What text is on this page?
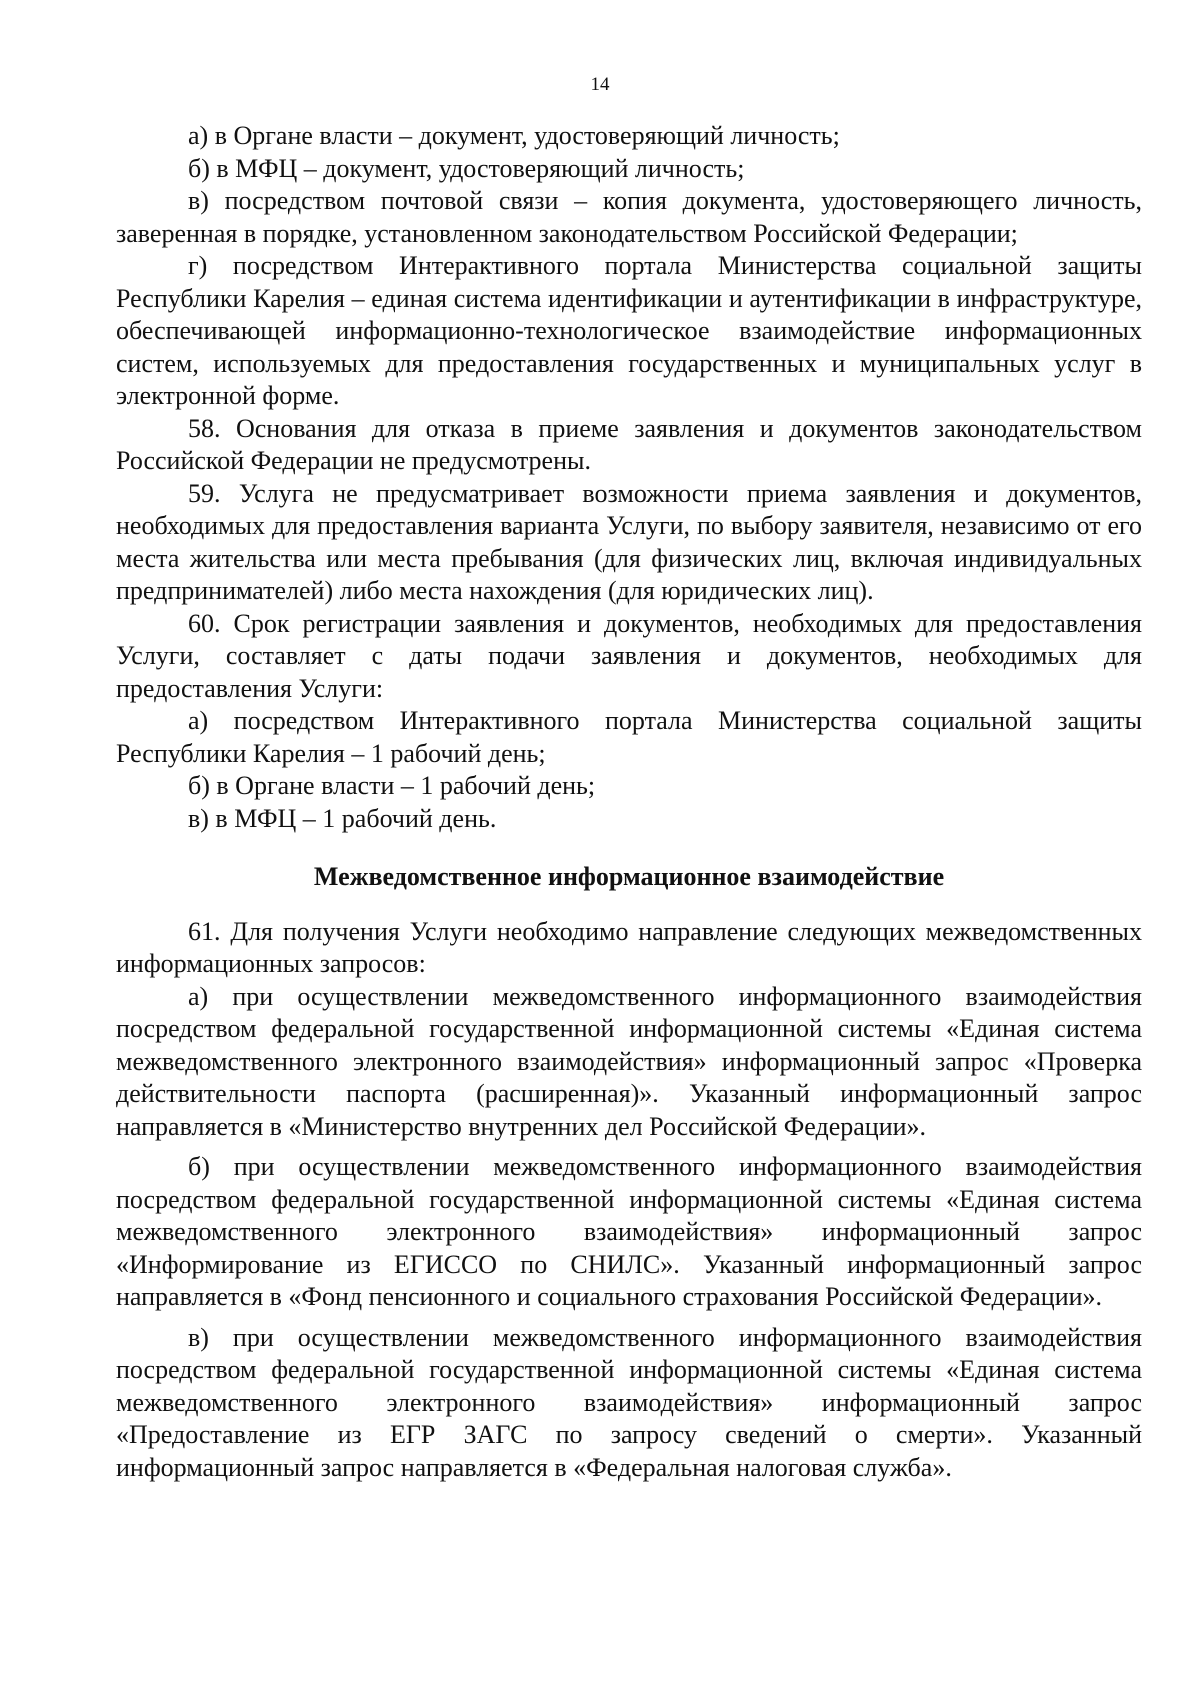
14

а) в Органе власти – документ, удостоверяющий личность;

б) в МФЦ – документ, удостоверяющий личность;

в) посредством почтовой связи – копия документа, удостоверяющего личность, заверенная в порядке, установленном законодательством Российской Федерации;

г) посредством Интерактивного портала Министерства социальной защиты Республики Карелия – единая система идентификации и аутентификации в инфраструктуре, обеспечивающей информационно-технологическое взаимодействие информационных систем, используемых для предоставления государственных и муниципальных услуг в электронной форме.

58. Основания для отказа в приеме заявления и документов законодательством Российской Федерации не предусмотрены.

59. Услуга не предусматривает возможности приема заявления и документов, необходимых для предоставления варианта Услуги, по выбору заявителя, независимо от его места жительства или места пребывания (для физических лиц, включая индивидуальных предпринимателей) либо места нахождения (для юридических лиц).

60. Срок регистрации заявления и документов, необходимых для предоставления Услуги, составляет с даты подачи заявления и документов, необходимых для предоставления Услуги:

а) посредством Интерактивного портала Министерства социальной защиты Республики Карелия – 1 рабочий день;

б) в Органе власти – 1 рабочий день;

в) в МФЦ – 1 рабочий день.

Межведомственное информационное взаимодействие

61. Для получения Услуги необходимо направление следующих межведомственных информационных запросов:

а) при осуществлении межведомственного информационного взаимодействия посредством федеральной государственной информационной системы «Единая система межведомственного электронного взаимодействия» информационный запрос «Проверка действительности паспорта (расширенная)». Указанный информационный запрос направляется в «Министерство внутренних дел Российской Федерации».

б) при осуществлении межведомственного информационного взаимодействия посредством федеральной государственной информационной системы «Единая система межведомственного электронного взаимодействия» информационный запрос «Информирование из ЕГИССО по СНИЛС». Указанный информационный запрос направляется в «Фонд пенсионного и социального страхования Российской Федерации».

в) при осуществлении межведомственного информационного взаимодействия посредством федеральной государственной информационной системы «Единая система межведомственного электронного взаимодействия» информационный запрос «Предоставление из ЕГР ЗАГС по запросу сведений о смерти». Указанный информационный запрос направляется в «Федеральная налоговая служба».
